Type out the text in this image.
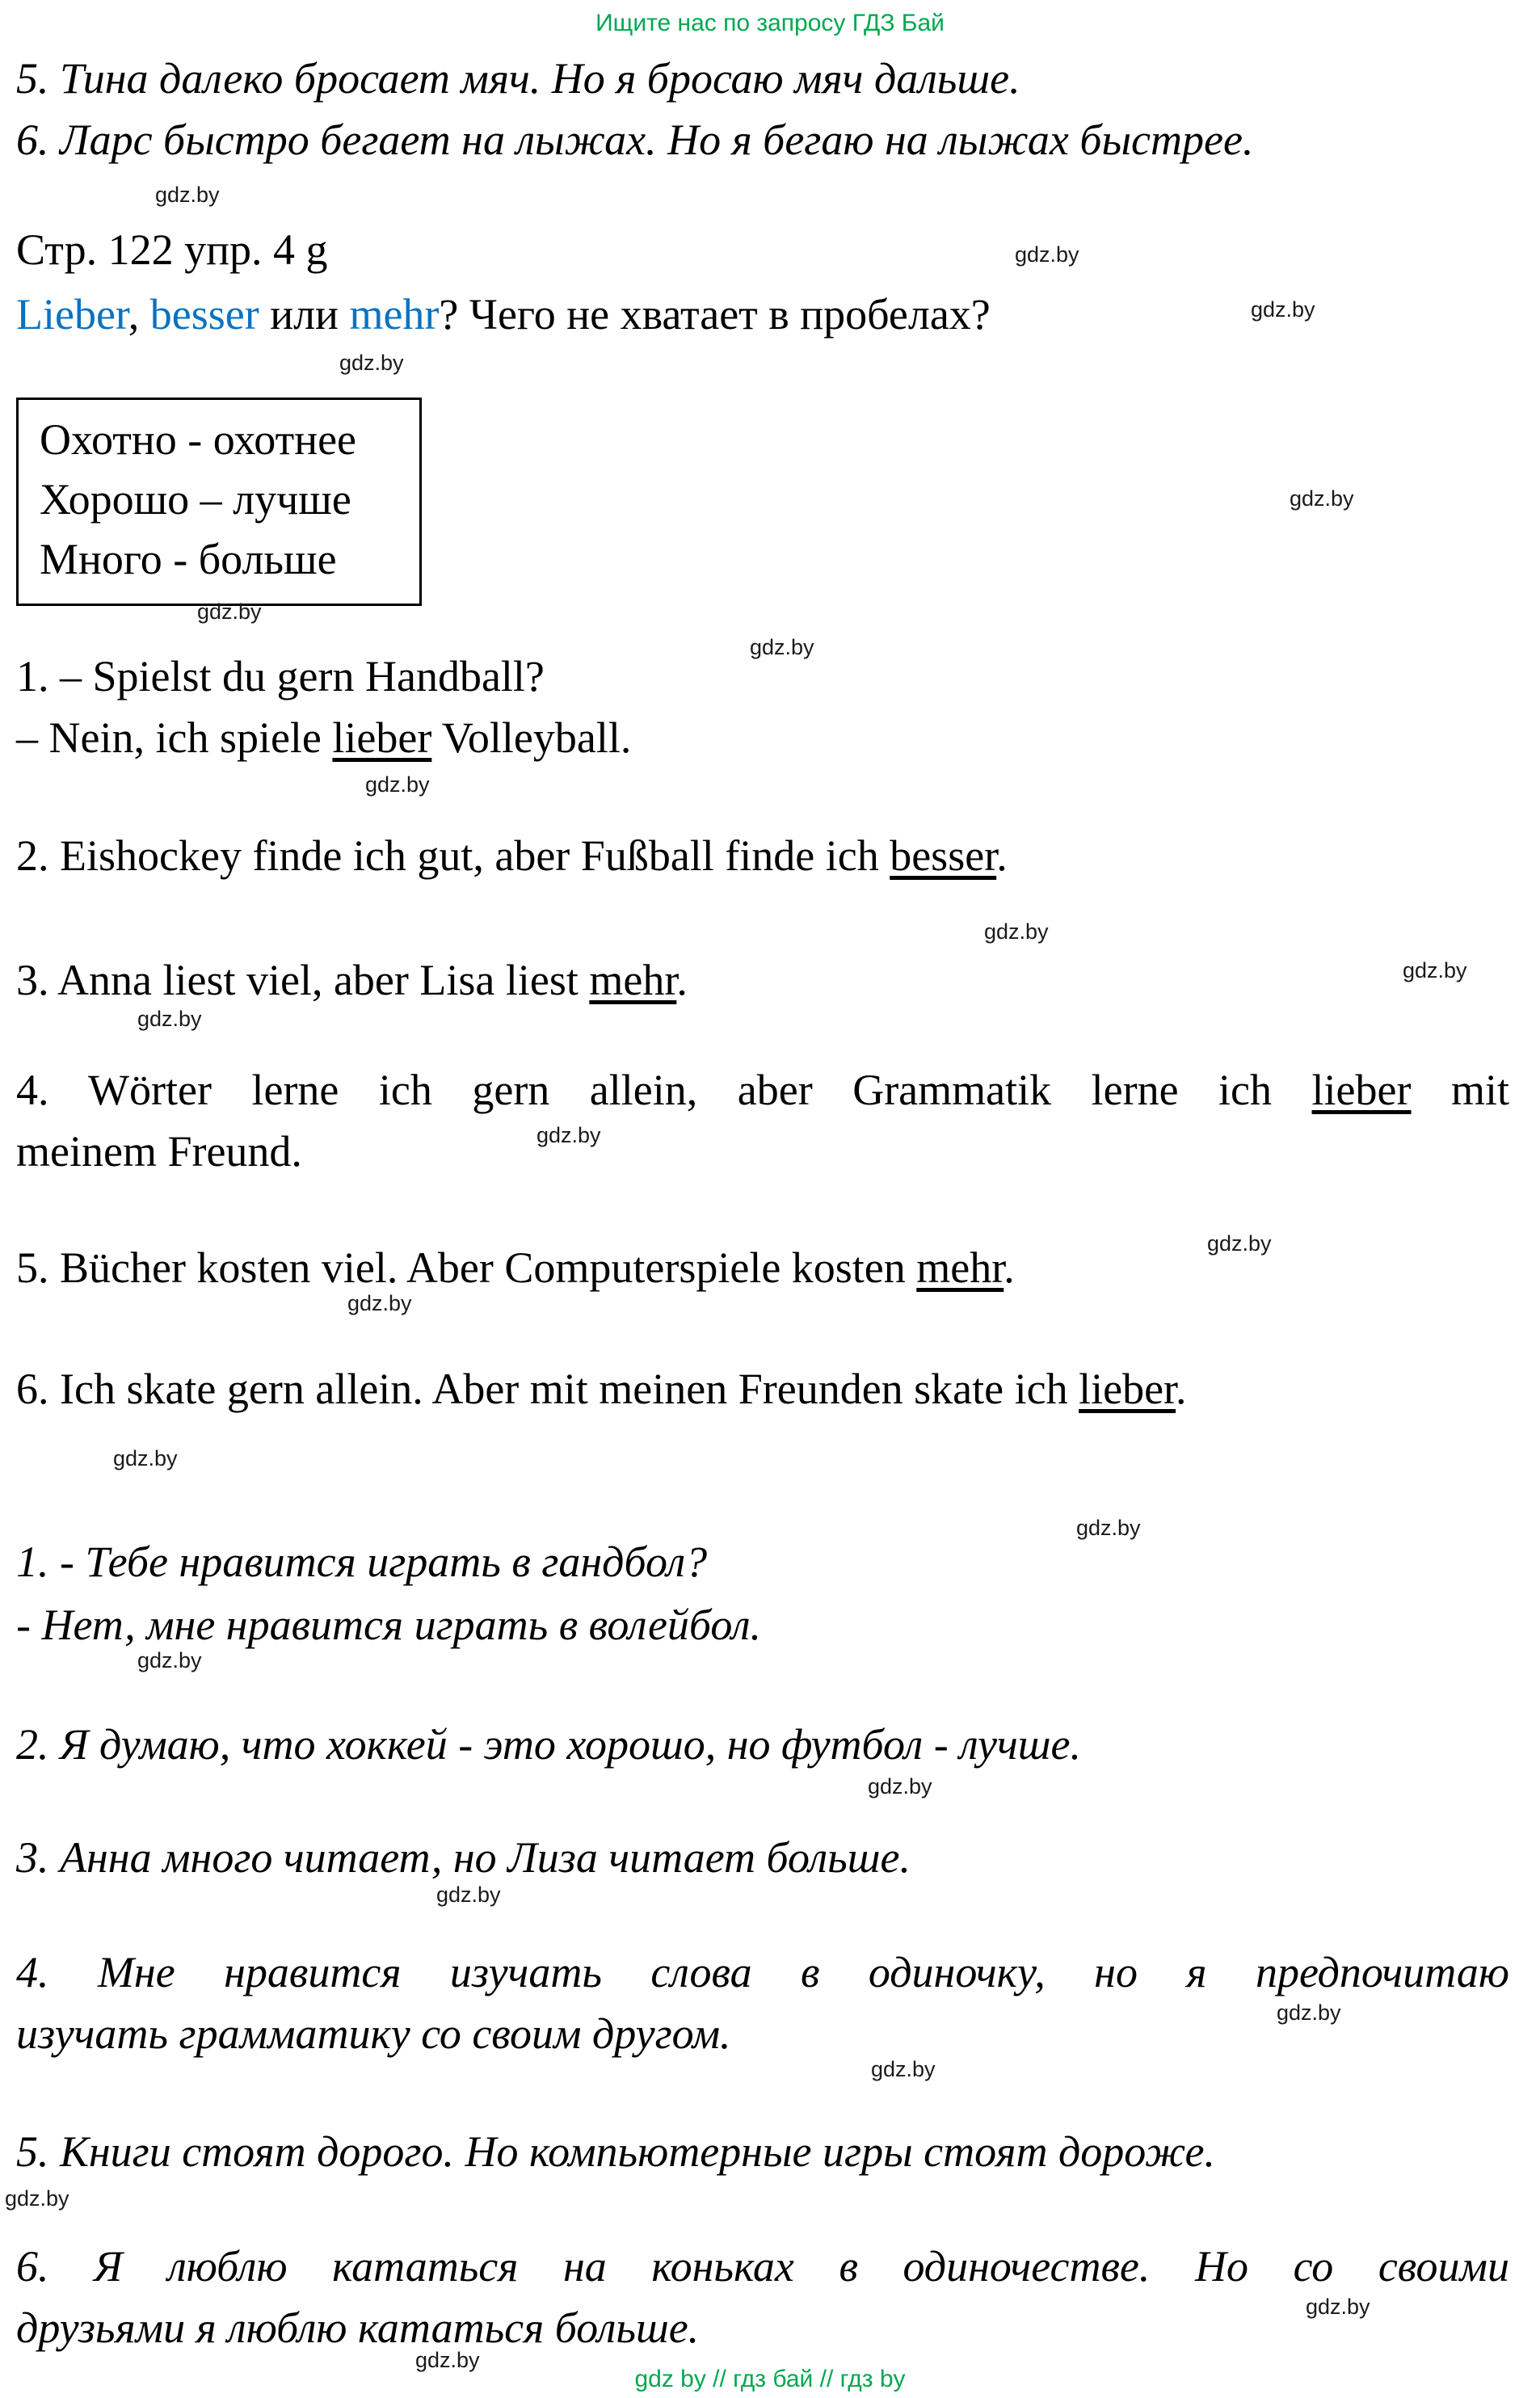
Ищите нас по запросу ГДЗ Бай
5. Тина далеко бросает мяч. Но я бросаю мяч дальше.
6. Ларс быстро бегает на лыжах. Но я бегаю на лыжах быстрее.
Стр. 122 упр. 4 g
Lieber, besser или mehr? Чего не хватает в пробелах?
Охотно - охотнее
Хорошо – лучше
Много - больше
1. – Spielst du gern Handball?
– Nein, ich spiele lieber Volleyball.
2. Eishockey finde ich gut, aber Fußball finde ich besser.
3. Anna liest viel, aber Lisa liest mehr.
4. Wörter lerne ich gern allein, aber Grammatik lerne ich lieber mit
meinem Freund.
5. Bücher kosten viel. Aber Computerspiele kosten mehr.
6. Ich skate gern allein. Aber mit meinen Freunden skate ich lieber.
1. - Тебе нравится играть в гандбол?
- Нет, мне нравится играть в волейбол.
2. Я думаю, что хоккей - это хорошо, но футбол - лучше.
3. Анна много читает, но Лиза читает больше.
4. Мне нравится изучать слова в одиночку, но я предпочитаю
изучать грамматику со своим другом.
5. Книги стоят дорого. Но компьютерные игры стоят дороже.
6. Я люблю кататься на коньках в одиночестве. Но со своими
друзьями я люблю кататься больше.
gdz by // гдз бай // гдз by
gdz.by
gdz.by
gdz.by
gdz.by
gdz.by
gdz.by
gdz.by
gdz.by
gdz.by
gdz.by
gdz.by
gdz.by
gdz.by
gdz.by
gdz.by
gdz.by
gdz.by
gdz.by
gdz.by
gdz.by
gdz.by
gdz.by
gdz.by
gdz.by
